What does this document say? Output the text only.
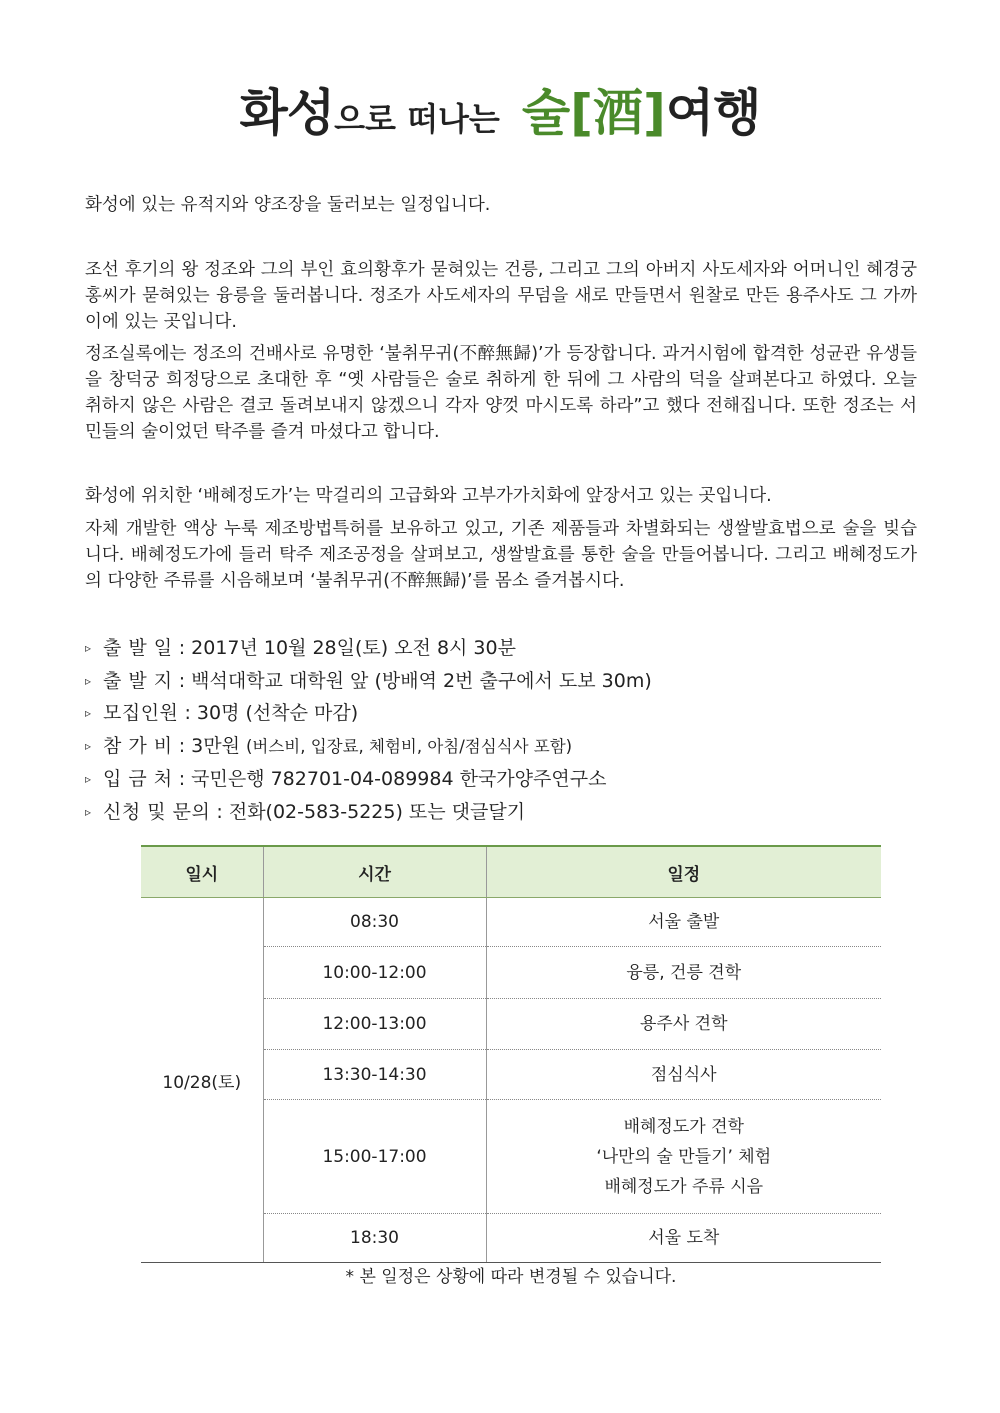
화성으로 떠나는 술[酒]여행

화성에 있는 유적지와 양조장을 둘러보는 일정입니다.

조선 후기의 왕 정조와 그의 부인 효의황후가 묻혀있는 건릉, 그리고 그의 아버지 사도세자와 어머니인 혜경궁 홍씨가 묻혀있는 융릉을 둘러봅니다. 정조가 사도세자의 무덤을 새로 만들면서 원찰로 만든 용주사도 그 가까이에 있는 곳입니다.

정조실록에는 정조의 건배사로 유명한 ‘불취무귀(不醉無歸)’가 등장합니다. 과거시험에 합격한 성균관 유생들을 창덕궁 희정당으로 초대한 후 “옛 사람들은 술로 취하게 한 뒤에 그 사람의 덕을 살펴본다고 하였다. 오늘 취하지 않은 사람은 결코 돌려보내지 않겠으니 각자 양껏 마시도록 하라”고 했다 전해집니다. 또한 정조는 서민들의 술이었던 탁주를 즐겨 마셨다고 합니다.

화성에 위치한 ‘배혜정도가’는 막걸리의 고급화와 고부가가치화에 앞장서고 있는 곳입니다.

자체 개발한 액상 누룩 제조방법특허를 보유하고 있고, 기존 제품들과 차별화되는 생쌀발효법으로 술을 빚습니다. 배혜정도가에 들러 탁주 제조공정을 살펴보고, 생쌀발효를 통한 술을 만들어봅니다. 그리고 배혜정도가의 다양한 주류를 시음해보며 ‘불취무귀(不醉無歸)’를 몸소 즐겨봅시다.

▹ 출 발 일 : 2017년 10월 28일(토) 오전 8시 30분
▹ 출 발 지 : 백석대학교 대학원 앞 (방배역 2번 출구에서 도보 30m)
▹ 모집인원 : 30명 (선착순 마감)
▹ 참 가 비 : 3만원 (버스비, 입장료, 체험비, 아침/점심식사 포함)
▹ 입 금 처 : 국민은행 782701-04-089984 한국가양주연구소
▹ 신청 및 문의 : 전화(02-583-5225) 또는 댓글달기
일시	시간	일정
10/28(토)	08:30	서울 출발

	10:00-12:00	융릉, 건릉 견학

	12:00-13:00	용주사 견학

	13:30-14:30	점심식사

	15:00-17:00	배혜정도가 견학
‘나만의 술 만들기’ 체험
배혜정도가 주류 시음

	18:30	서울 도착
* 본 일정은 상황에 따라 변경될 수 있습니다.
